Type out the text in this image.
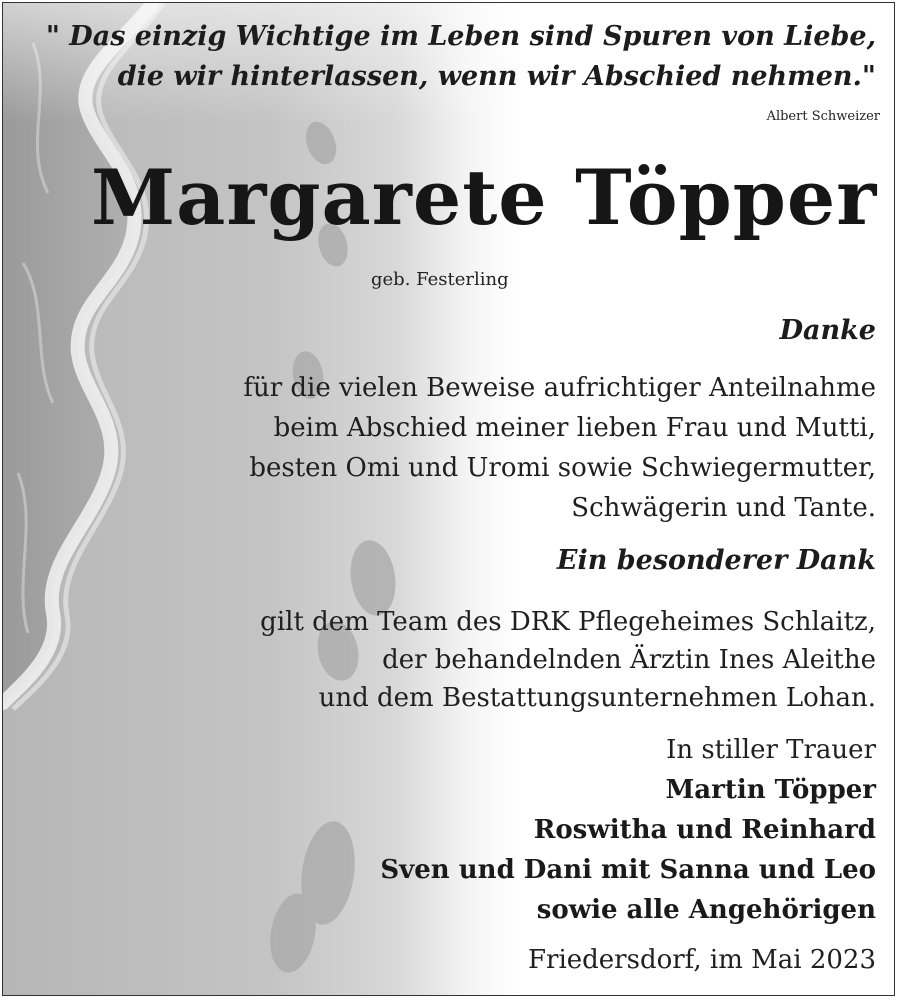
" Das einzig Wichtige im Leben sind Spuren von Liebe,
die wir hinterlassen, wenn wir Abschied nehmen."
Albert Schweizer
Margarete Töpper
geb. Festerling
Danke
für die vielen Beweise aufrichtiger Anteilnahme
beim Abschied meiner lieben Frau und Mutti,
besten Omi und Uromi sowie Schwiegermutter,
Schwägerin und Tante.
Ein besonderer Dank
gilt dem Team des DRK Pflegeheimes Schlaitz,
der behandelnden Ärztin Ines Aleithe
und dem Bestattungsunternehmen Lohan.
In stiller Trauer
Martin Töpper
Roswitha und Reinhard
Sven und Dani mit Sanna und Leo
sowie alle Angehörigen
Friedersdorf, im Mai 2023
